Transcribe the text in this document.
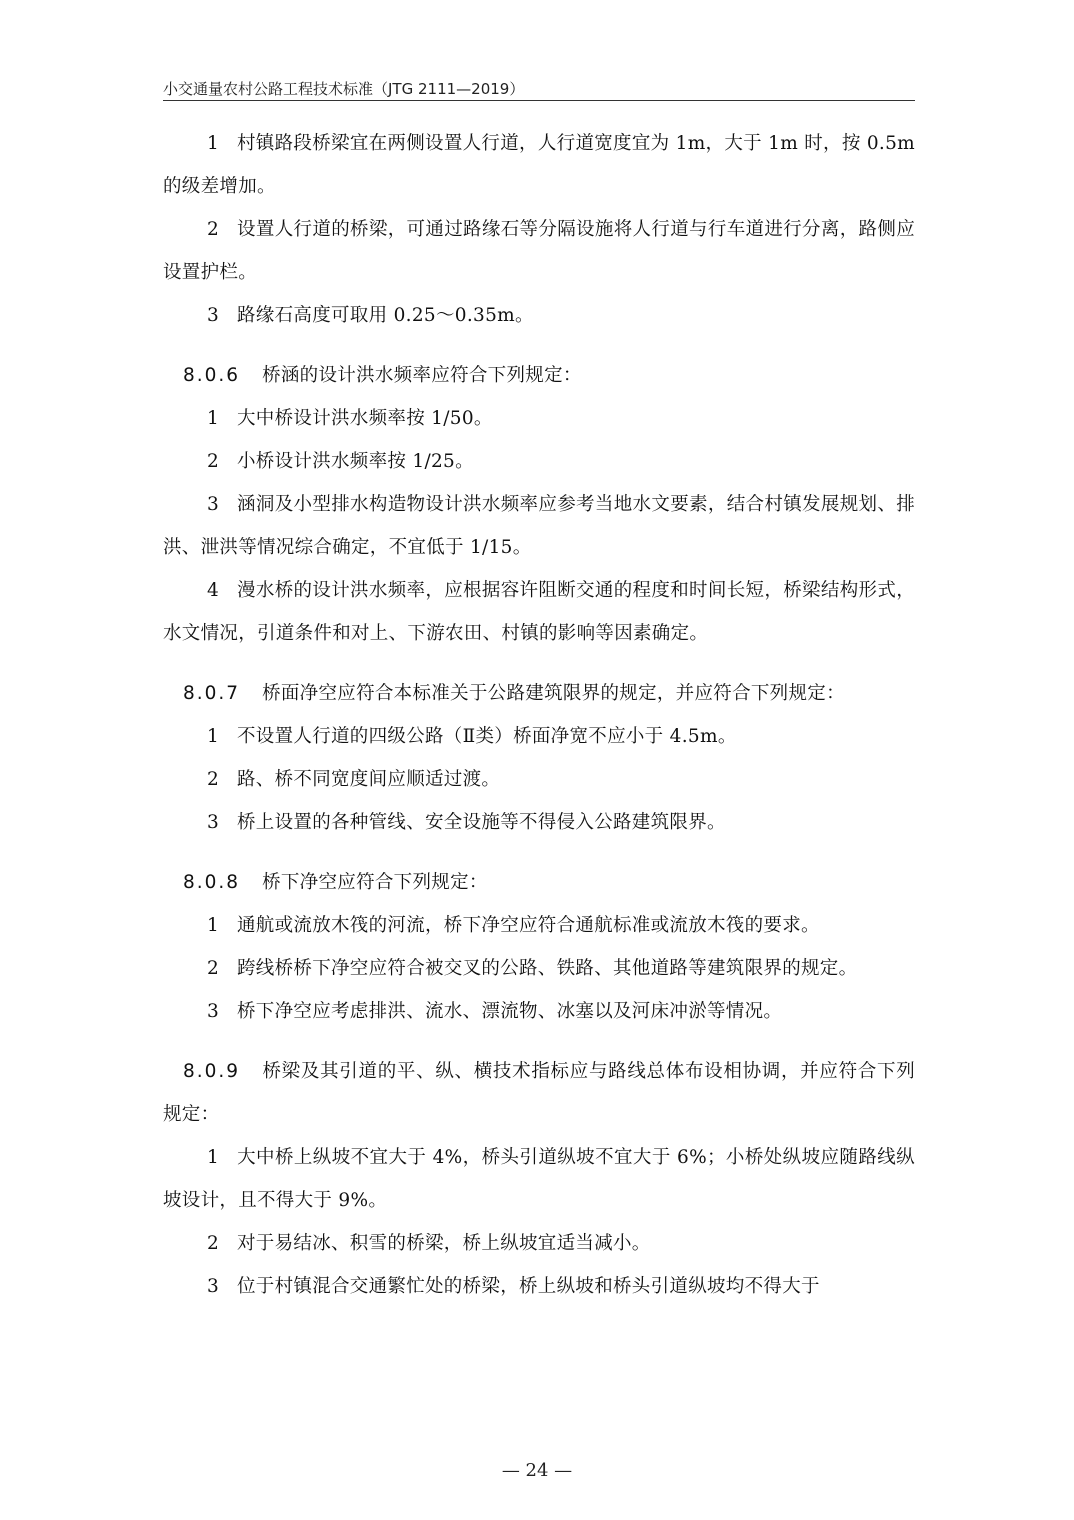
小交通量农村公路工程技术标准（JTG 2111—2019）

1 村镇路段桥梁宜在两侧设置人行道，人行道宽度宜为 1m，大于 1m 时，按 0.5m 的级差增加。

2 设置人行道的桥梁，可通过路缘石等分隔设施将人行道与行车道进行分离，路侧应设置护栏。

3 路缘石高度可取用 0.25～0.35m。

8.0.6 桥涵的设计洪水频率应符合下列规定：

1 大中桥设计洪水频率按 1/50。

2 小桥设计洪水频率按 1/25。

3 涵洞及小型排水构造物设计洪水频率应参考当地水文要素，结合村镇发展规划、排洪、泄洪等情况综合确定，不宜低于 1/15。

4 漫水桥的设计洪水频率，应根据容许阻断交通的程度和时间长短，桥梁结构形式，水文情况，引道条件和对上、下游农田、村镇的影响等因素确定。

8.0.7 桥面净空应符合本标准关于公路建筑限界的规定，并应符合下列规定：

1 不设置人行道的四级公路（Ⅱ类）桥面净宽不应小于 4.5m。

2 路、桥不同宽度间应顺适过渡。

3 桥上设置的各种管线、安全设施等不得侵入公路建筑限界。

8.0.8 桥下净空应符合下列规定：

1 通航或流放木筏的河流，桥下净空应符合通航标准或流放木筏的要求。

2 跨线桥桥下净空应符合被交叉的公路、铁路、其他道路等建筑限界的规定。

3 桥下净空应考虑排洪、流水、漂流物、冰塞以及河床冲淤等情况。

8.0.9 桥梁及其引道的平、纵、横技术指标应与路线总体布设相协调，并应符合下列规定：

1 大中桥上纵坡不宜大于 4%，桥头引道纵坡不宜大于 6%；小桥处纵坡应随路线纵坡设计，且不得大于 9%。

2 对于易结冰、积雪的桥梁，桥上纵坡宜适当减小。

3 位于村镇混合交通繁忙处的桥梁，桥上纵坡和桥头引道纵坡均不得大于

— 24 —
